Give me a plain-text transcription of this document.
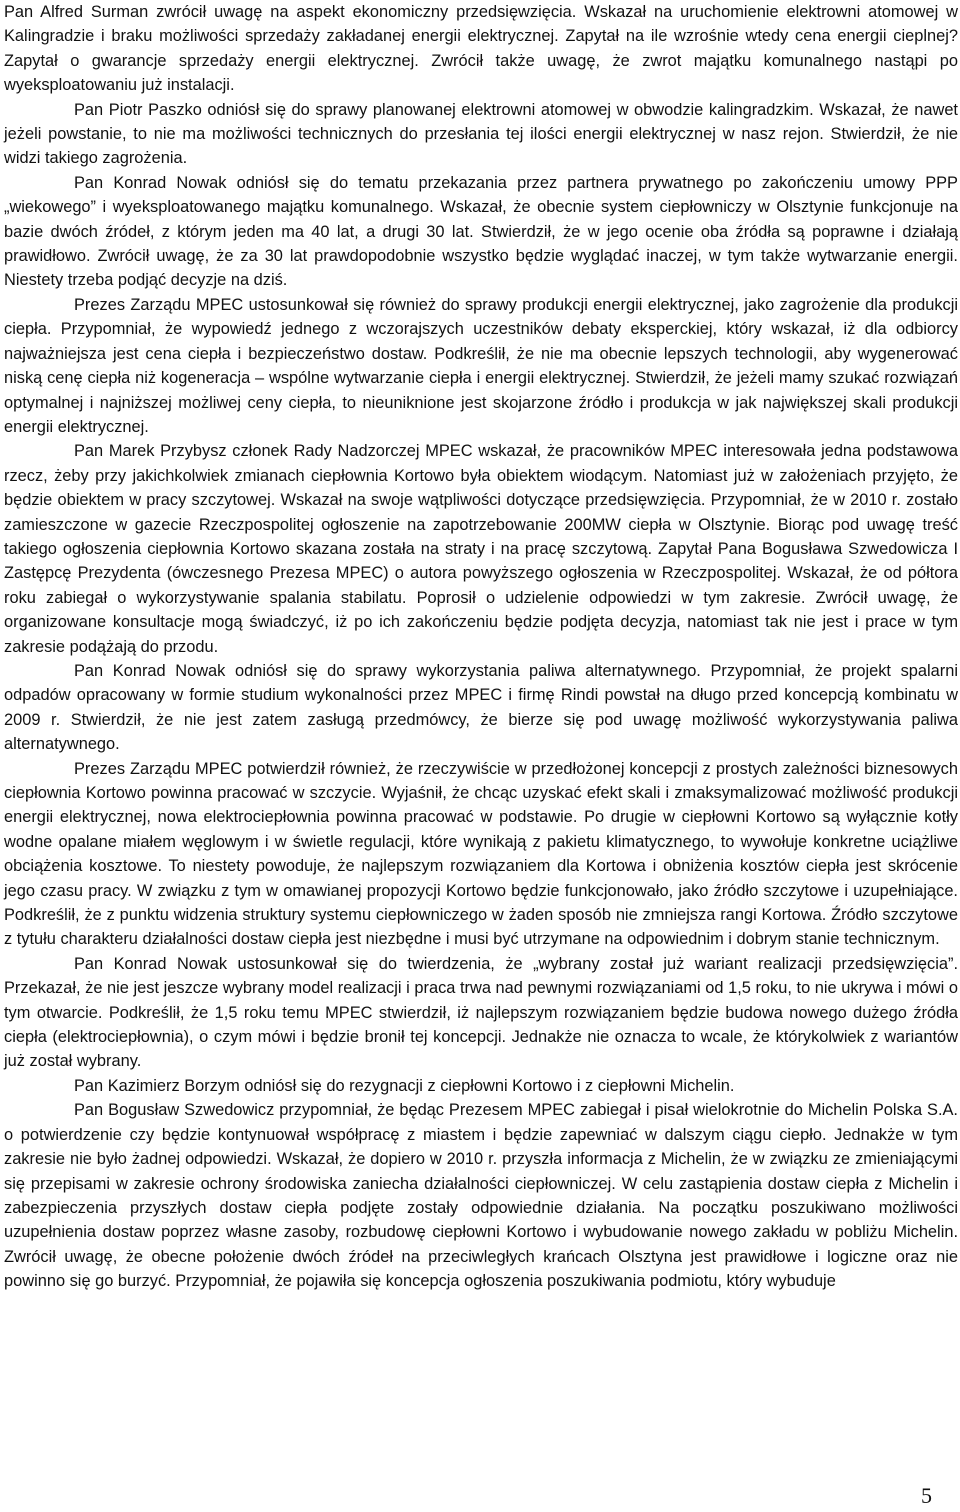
Pan Alfred Surman zwrócił uwagę na aspekt ekonomiczny przedsięwzięcia. Wskazał na uruchomienie elektrowni atomowej w Kalingradzie i braku możliwości sprzedaży zakładanej energii elektrycznej. Zapytał na ile wzrośnie wtedy cena energii cieplnej? Zapytał o gwarancje sprzedaży energii elektrycznej. Zwrócił także uwagę, że zwrot majątku komunalnego nastąpi po wyeksploatowaniu już instalacji.

Pan Piotr Paszko odniósł się do sprawy planowanej elektrowni atomowej w obwodzie kalingradzkim. Wskazał, że nawet jeżeli powstanie, to nie ma możliwości technicznych do przesłania tej ilości energii elektrycznej w nasz rejon. Stwierdził, że nie widzi takiego zagrożenia.

Pan Konrad Nowak odniósł się do tematu przekazania przez partnera prywatnego po zakończeniu umowy PPP „wiekowego” i wyeksploatowanego majątku komunalnego. Wskazał, że obecnie system ciepłowniczy w Olsztynie funkcjonuje na bazie dwóch źródeł, z którym jeden ma 40 lat, a drugi 30 lat. Stwierdził, że w jego ocenie oba źródła są poprawne i działają prawidłowo. Zwrócił uwagę, że za 30 lat prawdopodobnie wszystko będzie wyglądać inaczej, w tym także wytwarzanie energii. Niestety trzeba podjąć decyzje na dziś.

Prezes Zarządu MPEC ustosunkował się również do sprawy produkcji energii elektrycznej, jako zagrożenie dla produkcji ciepła. Przypomniał, że wypowiedź jednego z wczorajszych uczestników debaty eksperckiej, który wskazał, iż dla odbiorcy najważniejsza jest cena ciepła i bezpieczeństwo dostaw. Podkreślił, że nie ma obecnie lepszych technologii, aby wygenerować niską cenę ciepła niż kogeneracja – wspólne wytwarzanie ciepła i energii elektrycznej. Stwierdził, że jeżeli mamy szukać rozwiązań optymalnej i najniższej możliwej ceny ciepła, to nieuniknione jest skojarzone źródło i produkcja w jak największej skali produkcji energii elektrycznej.

Pan Marek Przybysz członek Rady Nadzorczej MPEC wskazał, że pracowników MPEC interesowała jedna podstawowa rzecz, żeby przy jakichkolwiek zmianach ciepłownia Kortowo była obiektem wiodącym. Natomiast już w założeniach przyjęto, że będzie obiektem w pracy szczytowej. Wskazał na swoje wątpliwości dotyczące przedsięwzięcia. Przypomniał, że w 2010 r. zostało zamieszczone w gazecie Rzeczpospolitej ogłoszenie na zapotrzebowanie 200MW ciepła w Olsztynie. Biorąc pod uwagę treść takiego ogłoszenia ciepłownia Kortowo skazana została na straty i na pracę szczytową. Zapytał Pana Bogusława Szwedowicza I Zastępcę Prezydenta (ówczesnego Prezesa MPEC) o autora powyższego ogłoszenia w Rzeczpospolitej. Wskazał, że od półtora roku zabiegał o wykorzystywanie spalania stabilatu. Poprosił o udzielenie odpowiedzi w tym zakresie. Zwrócił uwagę, że organizowane konsultacje mogą świadczyć, iż po ich zakończeniu będzie podjęta decyzja, natomiast tak nie jest i prace w tym zakresie podążają do przodu.

Pan Konrad Nowak odniósł się do sprawy wykorzystania paliwa alternatywnego. Przypomniał, że projekt spalarni odpadów opracowany w formie studium wykonalności przez MPEC i firmę Rindi powstał na długo przed koncepcją kombinatu w 2009 r. Stwierdził, że nie jest zatem zasługą przedmówcy, że bierze się pod uwagę możliwość wykorzystywania paliwa alternatywnego.

Prezes Zarządu MPEC potwierdził również, że rzeczywiście w przedłożonej koncepcji z prostych zależności biznesowych ciepłownia Kortowo powinna pracować w szczycie. Wyjaśnił, że chcąc uzyskać efekt skali i zmaksymalizować możliwość produkcji energii elektrycznej, nowa elektrociepłownia powinna pracować w podstawie. Po drugie w ciepłowni Kortowo są wyłącznie kotły wodne opalane miałem węglowym i w świetle regulacji, które wynikają z pakietu klimatycznego, to wywołuje konkretne uciążliwe obciążenia kosztowe. To niestety powoduje, że najlepszym rozwiązaniem dla Kortowa i obniżenia kosztów ciepła jest skrócenie jego czasu pracy. W związku z tym w omawianej propozycji Kortowo będzie funkcjonowało, jako źródło szczytowe i uzupełniające. Podkreślił, że z punktu widzenia struktury systemu ciepłowniczego w żaden sposób nie zmniejsza rangi Kortowa. Źródło szczytowe z tytułu charakteru działalności dostaw ciepła jest niezbędne i musi być utrzymane na odpowiednim i dobrym stanie technicznym.

Pan Konrad Nowak ustosunkował się do twierdzenia, że „wybrany został już wariant realizacji przedsięwzięcia”. Przekazał, że nie jest jeszcze wybrany model realizacji i praca trwa nad pewnymi rozwiązaniami od 1,5 roku, to nie ukrywa i mówi o tym otwarcie. Podkreślił, że 1,5 roku temu MPEC stwierdził, iż najlepszym rozwiązaniem będzie budowa nowego dużego źródła ciepła (elektrociepłownia), o czym mówi i będzie bronił tej koncepcji. Jednakże nie oznacza to wcale, że którykolwiek z wariantów już został wybrany.

Pan Kazimierz Borzym odniósł się do rezygnacji z ciepłowni Kortowo i z ciepłowni Michelin.

Pan Bogusław Szwedowicz przypomniał, że będąc Prezesem MPEC zabiegał i pisał wielokrotnie do Michelin Polska S.A. o potwierdzenie czy będzie kontynuował współpracę z miastem i będzie zapewniać w dalszym ciągu ciepło. Jednakże w tym zakresie nie było żadnej odpowiedzi. Wskazał, że dopiero w 2010 r. przyszła informacja z Michelin, że w związku ze zmieniającymi się przepisami w zakresie ochrony środowiska zaniecha działalności ciepłowniczej. W celu zastąpienia dostaw ciepła z Michelin i zabezpieczenia przyszłych dostaw ciepła podjęte zostały odpowiednie działania. Na początku poszukiwano możliwości uzupełnienia dostaw poprzez własne zasoby, rozbudowę ciepłowni Kortowo i wybudowanie nowego zakładu w pobliżu Michelin. Zwrócił uwagę, że obecne położenie dwóch źródeł na przeciwległych krańcach Olsztyna jest prawidłowe i logiczne oraz nie powinno się go burzyć. Przypomniał, że pojawiła się koncepcja ogłoszenia poszukiwania podmiotu, który wybuduje

5
